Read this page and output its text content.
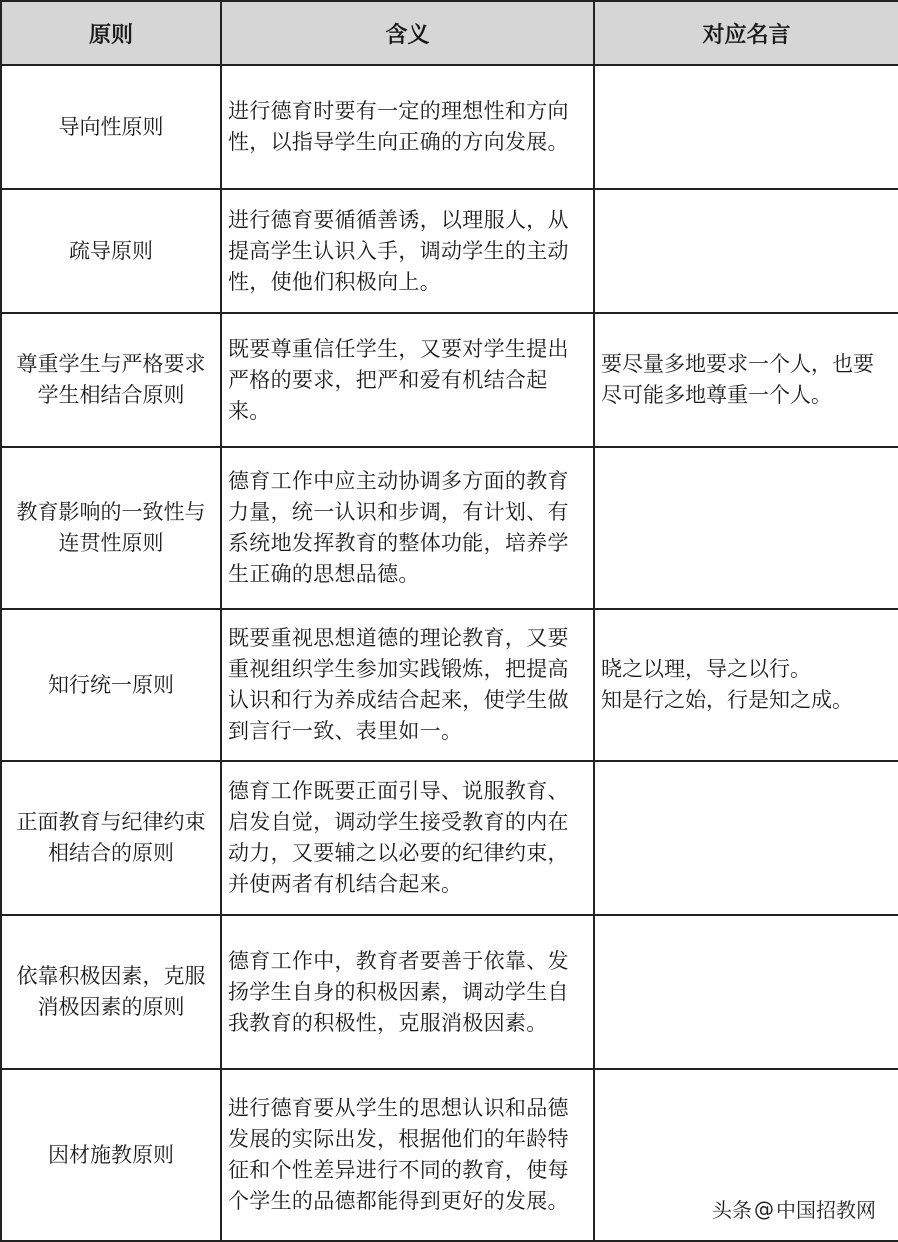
原则	含义	对应名言
导向性原则	进行德育时要有一定的理想性和方向性，以指导学生向正确的方向发展。	
疏导原则	进行德育要循循善诱，以理服人，从提高学生认识入手，调动学生的主动性，使他们积极向上。	
尊重学生与严格要求学生相结合原则	既要尊重信任学生，又要对学生提出严格的要求，把严和爱有机结合起来。	要尽量多地要求一个人，也要尽可能多地尊重一个人。
教育影响的一致性与连贯性原则	德育工作中应主动协调多方面的教育力量，统一认识和步调，有计划、有系统地发挥教育的整体功能，培养学生正确的思想品德。	
知行统一原则	既要重视思想道德的理论教育，又要重视组织学生参加实践锻炼，把提高认识和行为养成结合起来，使学生做到言行一致、表里如一。	晓之以理，导之以行。
知是行之始，行是知之成。
正面教育与纪律约束相结合的原则	德育工作既要正面引导、说服教育、启发自觉，调动学生接受教育的内在动力，又要辅之以必要的纪律约束，并使两者有机结合起来。	
依靠积极因素，克服消极因素的原则	德育工作中，教育者要善于依靠、发扬学生自身的积极因素，调动学生自我教育的积极性，克服消极因素。	
因材施教原则	进行德育要从学生的思想认识和品德发展的实际出发，根据他们的年龄特征和个性差异进行不同的教育，使每个学生的品德都能得到更好的发展。		头条 @ 中国招教网
